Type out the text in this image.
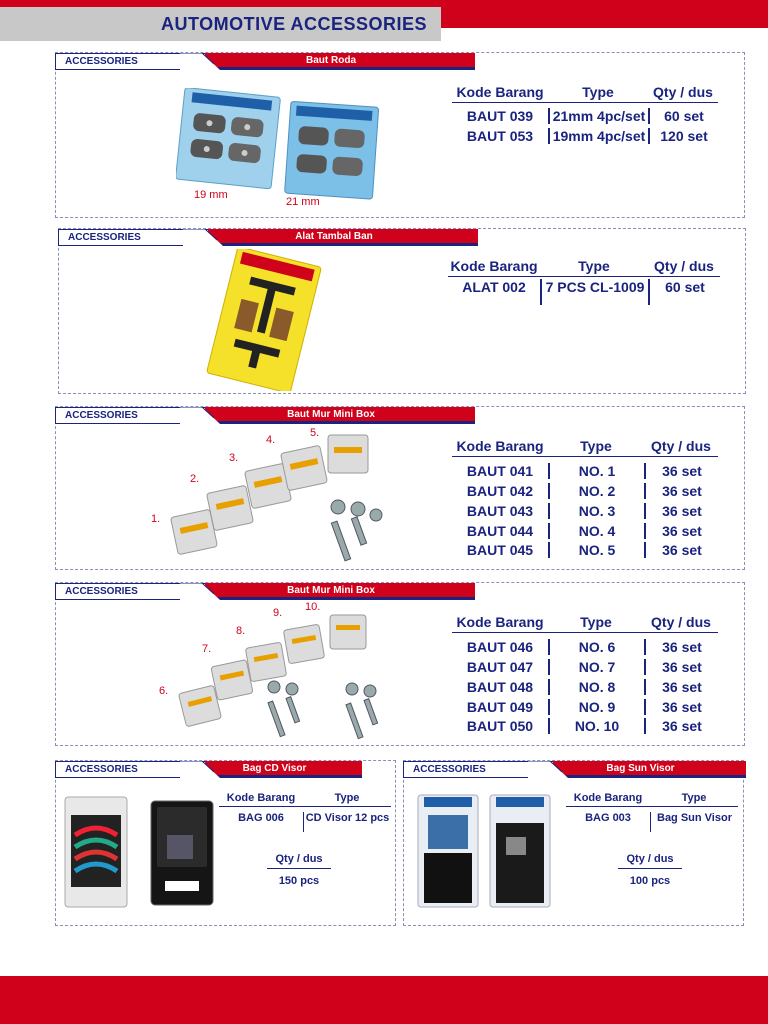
AUTOMOTIVE ACCESSORIES
ACCESSORIES	Baut Roda
19 mm
21 mm
Kode Barang	Type	Qty / dus
BAUT 039	21mm 4pc/set	60 set
BAUT 053	19mm 4pc/set	120 set
ACCESSORIES	Alat Tambal Ban
Kode Barang	Type	Qty / dus
ALAT 002	7 PCS CL-1009	60 set
ACCESSORIES	Baut Mur Mini Box
1.
2.
3.
4.
5.
Kode Barang	Type	Qty / dus
BAUT 041	NO. 1	36 set
BAUT 042	NO. 2	36 set
BAUT 043	NO. 3	36 set
BAUT 044	NO. 4	36 set
BAUT 045	NO. 5	36 set
ACCESSORIES	Baut Mur Mini Box
6.
7.
8.
9. 10.
Kode Barang	Type	Qty / dus
BAUT 046	NO. 6	36 set
BAUT 047	NO. 7	36 set
BAUT 048	NO. 8	36 set
BAUT 049	NO. 9	36 set
BAUT 050	NO. 10	36 set
ACCESSORIES	Bag CD Visor
Kode Barang	Type
BAG 006	CD Visor 12 pcs
Qty / dus
150 pcs
ACCESSORIES	Bag Sun Visor
Kode Barang	Type
BAG 003	Bag Sun Visor
Qty / dus
100 pcs
